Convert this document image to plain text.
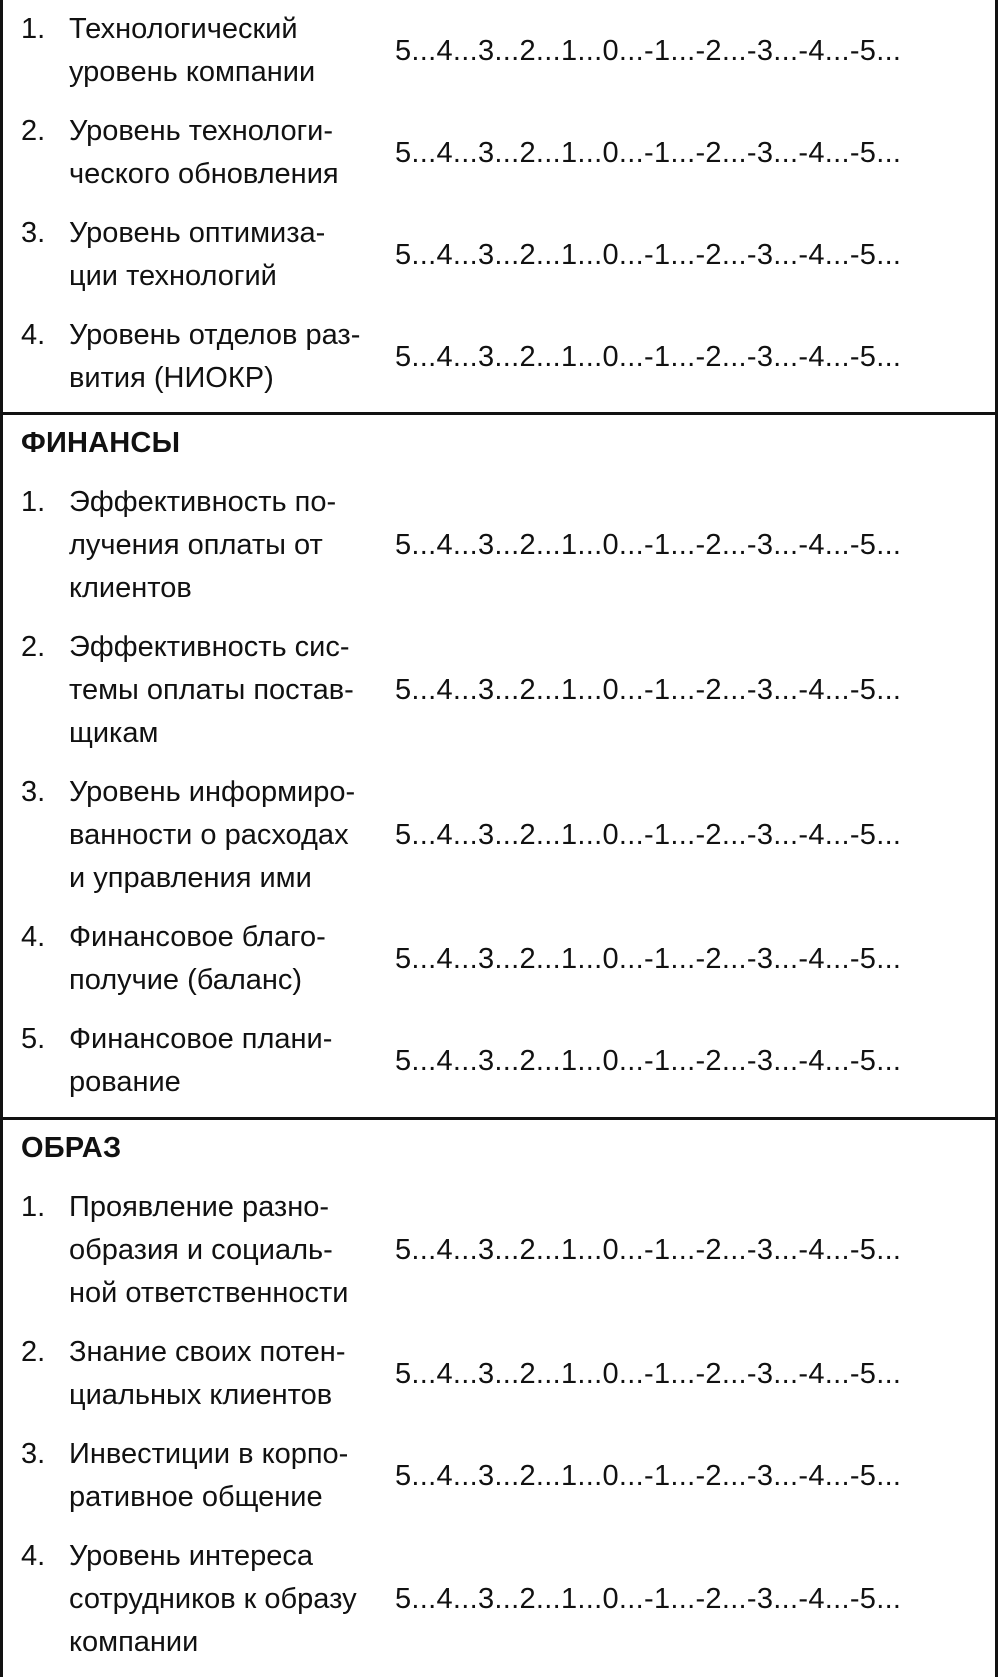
1. Технологический
уровень компании
5...4...3...2...1...0...-1...-2...-3...-4...-5...
2. Уровень технологи-
ческого обновления
5...4...3...2...1...0...-1...-2...-3...-4...-5...
3. Уровень оптимиза-
ции технологий
5...4...3...2...1...0...-1...-2...-3...-4...-5...
4. Уровень отделов раз-
вития (НИОКР)
5...4...3...2...1...0...-1...-2...-3...-4...-5...
ФИНАНСЫ
1. Эффективность по-
лучения оплаты от
клиентов
5...4...3...2...1...0...-1...-2...-3...-4...-5...
2. Эффективность сис-
темы оплаты постав-
щикам
5...4...3...2...1...0...-1...-2...-3...-4...-5...
3. Уровень информиро-
ванности о расходах
и управления ими
5...4...3...2...1...0...-1...-2...-3...-4...-5...
4. Финансовое благо-
получие (баланс)
5...4...3...2...1...0...-1...-2...-3...-4...-5...
5. Финансовое плани-
рование
5...4...3...2...1...0...-1...-2...-3...-4...-5...
ОБРАЗ
1. Проявление разно-
образия и социаль-
ной ответственности
5...4...3...2...1...0...-1...-2...-3...-4...-5...
2. Знание своих потен-
циальных клиентов
5...4...3...2...1...0...-1...-2...-3...-4...-5...
3. Инвестиции в корпо-
ративное общение
5...4...3...2...1...0...-1...-2...-3...-4...-5...
4. Уровень интереса
сотрудников к образу
компании
5...4...3...2...1...0...-1...-2...-3...-4...-5...
